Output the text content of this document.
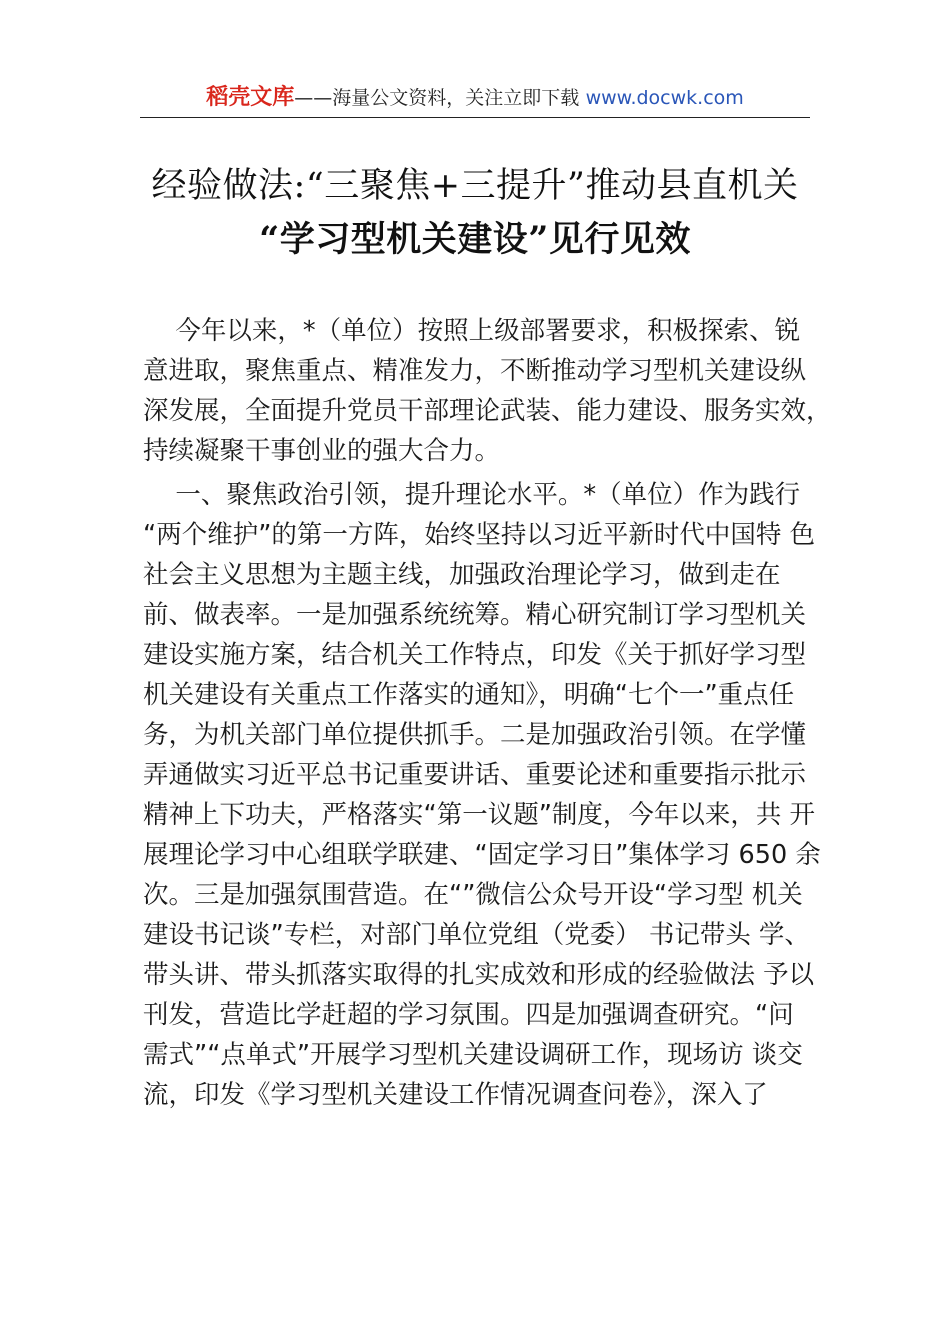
稻壳文库——海量公文资料，关注立即下载 www.docwk.com
经验做法:“三聚焦+三提升”推动县直机关
“学习型机关建设”见行见效
今年以来，*（单位）按照上级部署要求，积极探索、锐
意进取，聚焦重点、精准发力，不断推动学习型机关建设纵
深发展，全面提升党员干部理论武装、能力建设、服务实效，
持续凝聚干事创业的强大合力。
一、聚焦政治引领，提升理论水平。*（单位）作为践行
“两个维护”的第一方阵，始终坚持以习近平新时代中国特 色
社会主义思想为主题主线，加强政治理论学习，做到走在
前、做表率。一是加强系统统筹。精心研究制订学习型机关
建设实施方案，结合机关工作特点，印发《关于抓好学习型
机关建设有关重点工作落实的通知》，明确“七个一”重点任
务，为机关部门单位提供抓手。二是加强政治引领。在学懂
弄通做实习近平总书记重要讲话、重要论述和重要指示批示
精神上下功夫，严格落实“第一议题”制度，今年以来，共 开
展理论学习中心组联学联建、“固定学习日”集体学习 650 余
次。三是加强氛围营造。在“”微信公众号开设“学习型 机关
建设书记谈”专栏，对部门单位党组（党委） 书记带头 学、
带头讲、带头抓落实取得的扎实成效和形成的经验做法 予以
刊发，营造比学赶超的学习氛围。四是加强调查研究。“问
需式”“点单式”开展学习型机关建设调研工作，现场访 谈交
流，印发《学习型机关建设工作情况调查问卷》，深入了
